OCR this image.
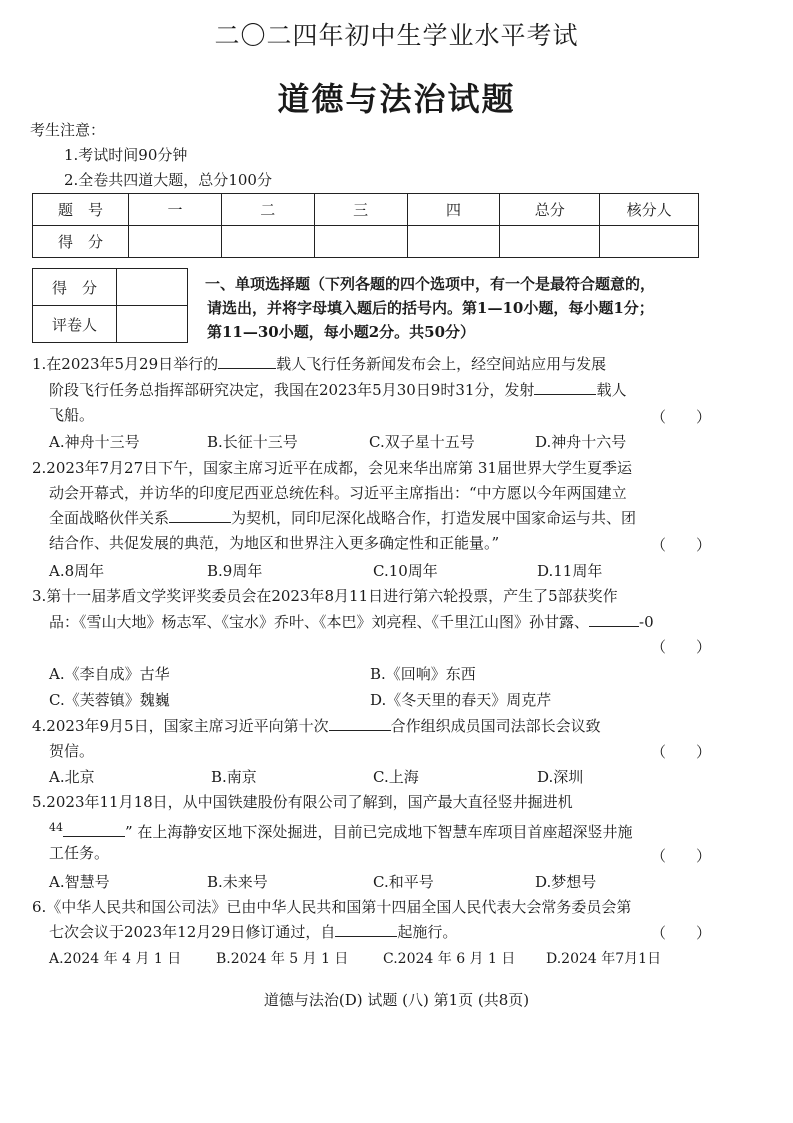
二〇二四年初中生学业水平考试
道德与法治试题
考生注意：
1.考试时间90分钟
2.全卷共四道大题，总分100分
题　号	一	二	三	四	总分	核分人
得　分						
得　分	
评卷人	
一、单项选择题（下列各题的四个选项中，有一个是最符合题意的，
请选出，并将字母填入题后的括号内。第1—10小题，每小题1分；
第11—30小题，每小题2分。共50分）
1.在2023年5月29日举行的	载人飞行任务新闻发布会上，经空间站应用与发展
阶段飞行任务总指挥部研究决定，我国在2023年5月30日9时31分，发射	载人
飞船。	（　　）
A.神舟十三号	B.长征十三号	C.双子星十五号	D.神舟十六号
2.2023年7月27日下午，国家主席习近平在成都，会见来华出席第 31届世界大学生夏季运
动会开幕式，并访华的印度尼西亚总统佐科。习近平主席指出：“中方愿以今年两国建立
全面战略伙伴关系	为契机，同印尼深化战略合作，打造发展中国家命运与共、团
结合作、共促发展的典范，为地区和世界注入更多确定性和正能量。”	（　　）
A.8周年	B.9周年	C.10周年	D.11周年
3.第十一届茅盾文学奖评奖委员会在2023年8月11日进行第六轮投票，产生了5部获奖作
品：《雪山大地》杨志军、《宝水》乔叶、《本巴》刘亮程、《千里江山图》孙甘露、	-0
（　　）
A.《李自成》古华	B.《回响》东西
C.《芙蓉镇》魏巍	D.《冬天里的春天》周克芹
4.2023年9月5日，国家主席习近平向第十次	合作组织成员国司法部长会议致
贺信。	（　　）
A.北京	B.南京	C.上海	D.深圳
5.2023年11月18日，从中国铁建股份有限公司了解到，国产最大直径竖井掘进机
$^{44}$	” 在上海静安区地下深处掘进，目前已完成地下智慧车库项目首座超深竖井施
工任务。	（　　）
A.智慧号	B.未来号	C.和平号	D.梦想号
6.《中华人民共和国公司法》已由中华人民共和国第十四届全国人民代表大会常务委员会第
七次会议于2023年12月29日修订通过，自	起施行。	（　　）
A.2024 年 4 月 1 日 B.2024 年 5 月 1 日 C.2024 年 6 月 1 日 D.2024 年7月1日
道德与法治(D) 试题 (八) 第1页 (共8页)
